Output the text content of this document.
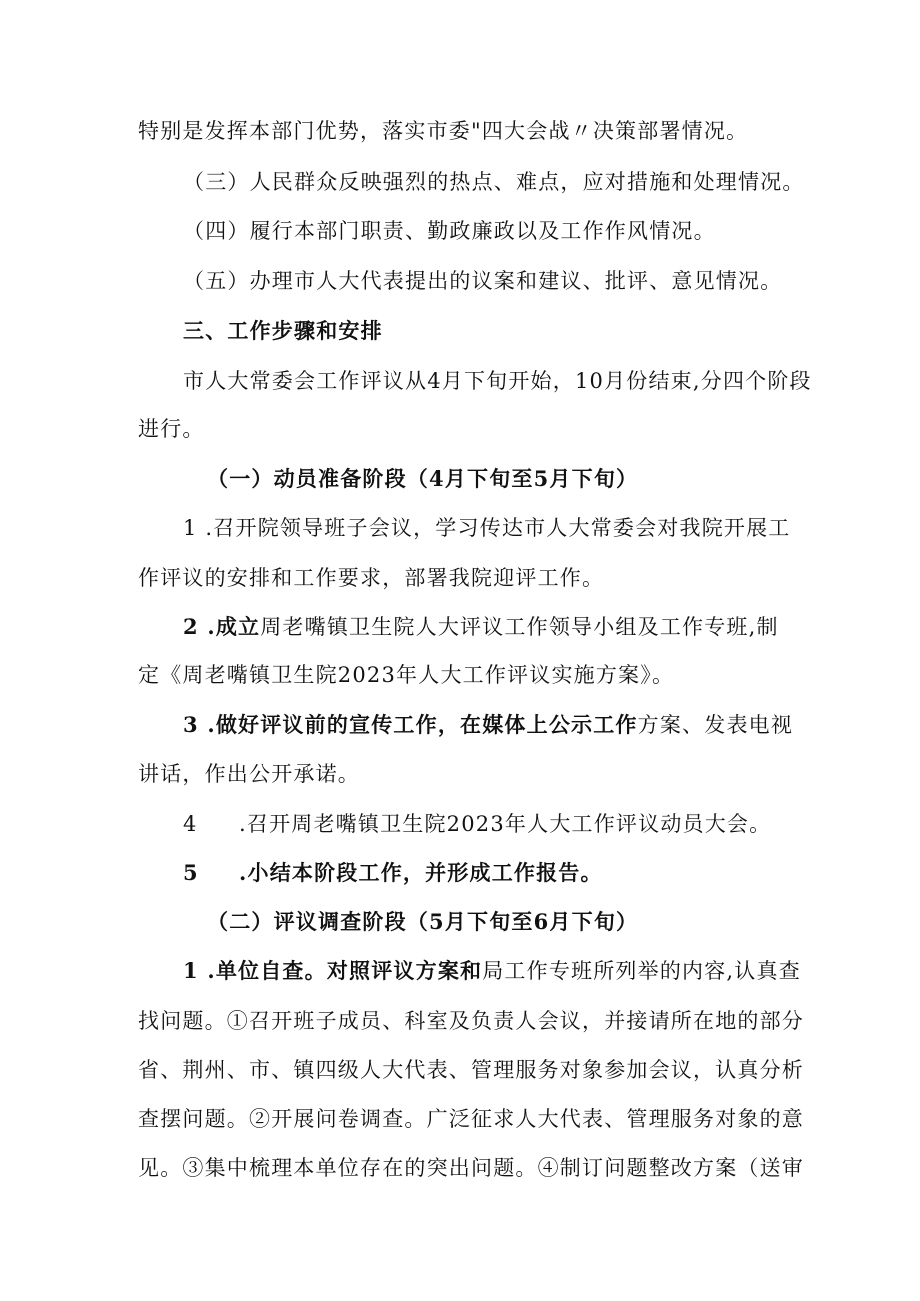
特别是发挥本部门优势，落实市委"四大会战〃决策部署情况。
（三）人民群众反映强烈的热点、难点，应对措施和处理情况。
（四）履行本部门职责、勤政廉政以及工作作风情况。
（五）办理市人大代表提出的议案和建议、批评、意见情况。
三、工作步骤和安排
市人大常委会工作评议从4月下旬开始，10月份结束,分四个阶段
进行。
（一）动员准备阶段（4月下旬至5月下旬）
1 .召开院领导班子会议，学习传达市人大常委会对我院开展工
作评议的安排和工作要求，部署我院迎评工作。
2 .成立周老嘴镇卫生院人大评议工作领导小组及工作专班,制
定《周老嘴镇卫生院2023年人大工作评议实施方案》。
3 .做好评议前的宣传工作，在媒体上公示工作方案、发表电视
讲话，作出公开承诺。
4 .召开周老嘴镇卫生院2023年人大工作评议动员大会。
5 .小结本阶段工作，并形成工作报告。
（二）评议调查阶段（5月下旬至6月下旬）
1 .单位自查。对照评议方案和局工作专班所列举的内容,认真查
找问题。①召开班子成员、科室及负责人会议，并接请所在地的部分
省、荆州、市、镇四级人大代表、管理服务对象参加会议，认真分析
查摆问题。②开展问卷调查。广泛征求人大代表、管理服务对象的意
见。③集中梳理本单位存在的突出问题。④制订问题整改方案（送审
